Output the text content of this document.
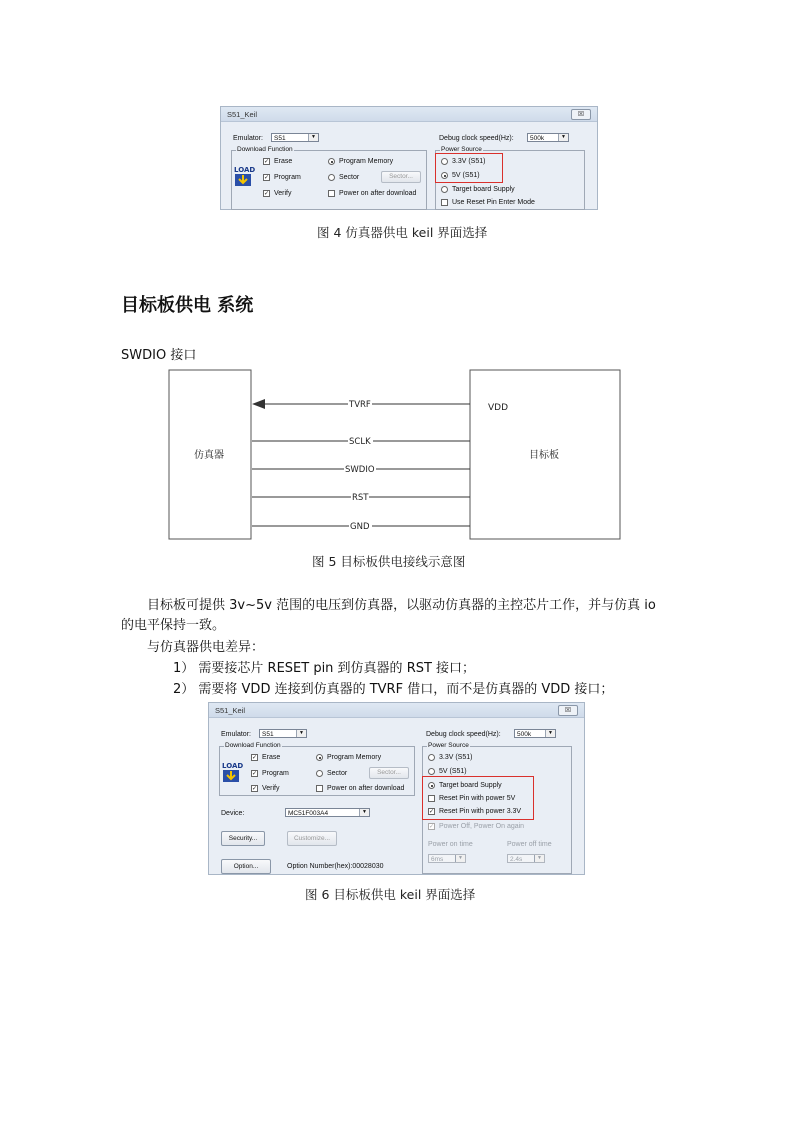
S51_Keil	☒
Emulator:	S51	▼
Download Function
LOAD
✓ Erase
✓ Program
✓ Verify
Program Memory
Sector	Sector...
Power on after download
Debug clock speed(Hz):	500k	▼
Power Source
3.3V (S51)
5V (S51)
Target board Supply
Use Reset Pin Enter Mode
图 4 仿真器供电 keil 界面选择
目标板供电 系统
SWDIO 接口
仿真器	目标板
VDD
TVRF
SCLK
SWDIO
RST
GND
图 5 目标板供电接线示意图
目标板可提供 3v~5v 范围的电压到仿真器，以驱动仿真器的主控芯片工作，并与仿真 io
的电平保持一致。
与仿真器供电差异：
1） 需要接芯片 RESET pin 到仿真器的 RST 接口；
2） 需要将 VDD 连接到仿真器的 TVRF 借口，而不是仿真器的 VDD 接口；
S51_Keil	☒
Emulator:	S51	▼
Download Function
LOAD
✓ Erase
✓ Program
✓ Verify
Program Memory
Sector	Sector...
Power on after download
Device:	MC51F003A4	▼
Security...	Customize...
Option...	Option Number(hex):00028030
Debug clock speed(Hz):	500k	▼
Power Source
3.3V (S51)
5V (S51)
Target board Supply
Reset Pin with power 5V
✓ Reset Pin with power 3.3V
✓ Power Off, Power On again
Power on time	Power off time
6ms	▼	2.4s	▼
图 6 目标板供电 keil 界面选择
